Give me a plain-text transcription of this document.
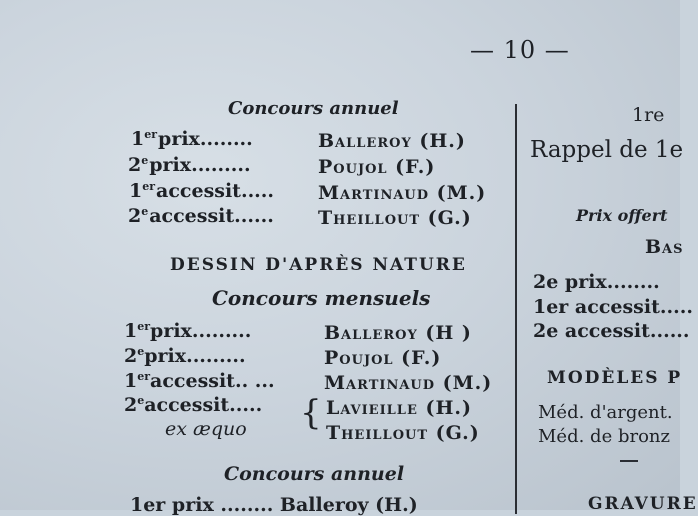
— 10 —
Concours annuel
1erprix........	Balleroy (H.)
2eprix.........	Poujol (F.)
1eraccessit..... Martinaud (M.)
2eaccessit...... Theillout (G.)
DESSIN D'APRÈS NATURE
Concours mensuels
1erprix.........	Balleroy (H )
2eprix.........	Poujol (F.)
1eraccessit.. ...	Martinaud (M.)
2eaccessit..... { Lavieille (H.)
ex æquo	Theillout (G.)
Concours annuel
1er prix ........ Balleroy (H.)
1re
Rappel de 1e
Prix offert
Bas
2e prix........
1er accessit.....
2e accessit......
MODÈLES P
Méd. d'argent.
Méd. de bronz
GRAVURE
